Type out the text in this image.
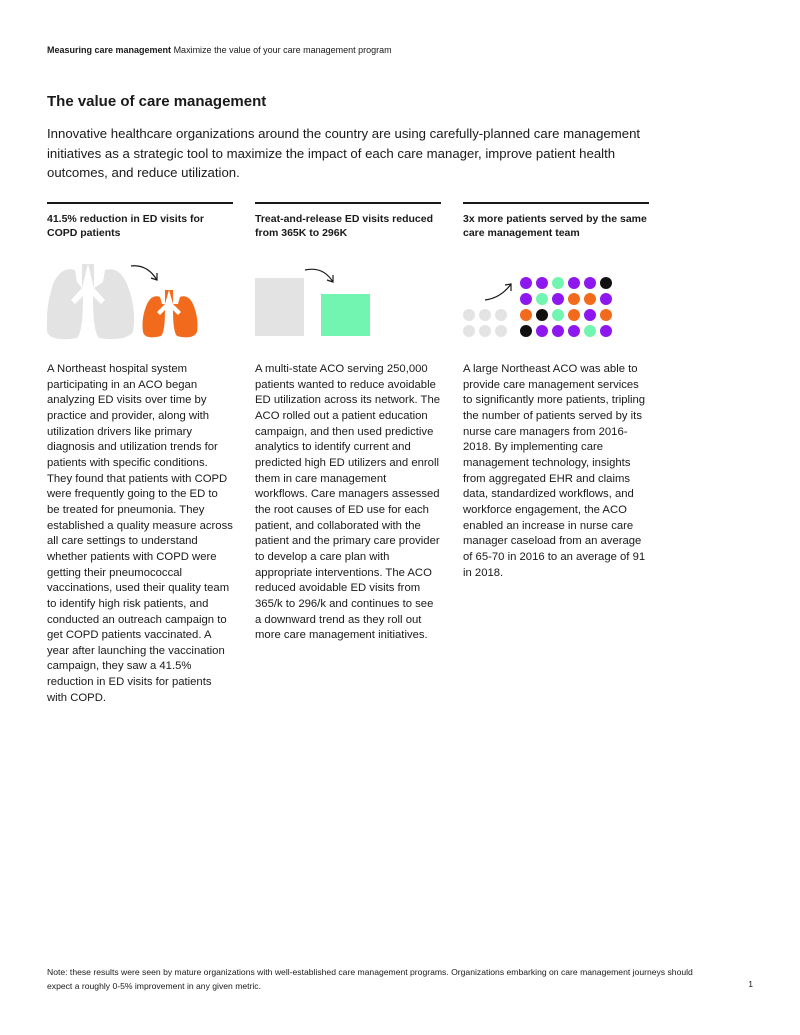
Measuring care management Maximize the value of your care management program
The value of care management

Innovative healthcare organizations around the country are using carefully-planned care management initiatives as a strategic tool to maximize the impact of each care manager, improve patient health outcomes, and reduce utilization.

41.5% reduction in ED visits for COPD patients

A Northeast hospital system participating in an ACO began analyzing ED visits over time by practice and provider, along with utilization drivers like primary diagnosis and utilization trends for patients with specific conditions. They found that patients with COPD were frequently going to the ED to be treated for pneumonia. They established a quality measure across all care settings to understand whether patients with COPD were getting their pneumococcal vaccinations, used their quality team to identify high risk patients, and conducted an outreach campaign to get COPD patients vaccinated. A year after launching the vaccination campaign, they saw a 41.5% reduction in ED visits for patients with COPD.

Treat-and-release ED visits reduced from 365K to 296K

A multi-state ACO serving 250,000 patients wanted to reduce avoidable ED utilization across its network. The ACO rolled out a patient education campaign, and then used predictive analytics to identify current and predicted high ED utilizers and enroll them in care management workflows. Care managers assessed the root causes of ED use for each patient, and collaborated with the patient and the primary care provider to develop a care plan with appropriate interventions. The ACO reduced avoidable ED visits from 365/k to 296/k and continues to see a downward trend as they roll out more care management initiatives.

3x more patients served by the same care management team

A large Northeast ACO was able to provide care management services to significantly more patients, tripling the number of patients served by its nurse care managers from 2016-2018. By implementing care management technology, insights from aggregated EHR and claims data, standardized workflows, and workforce engagement, the ACO enabled an increase in nurse care manager caseload from an average of 65-70 in 2016 to an average of 91 in 2018.

Note: these results were seen by mature organizations with well-established care management programs. Organizations embarking on care management journeys should expect a roughly 0-5% improvement in any given metric.	1
